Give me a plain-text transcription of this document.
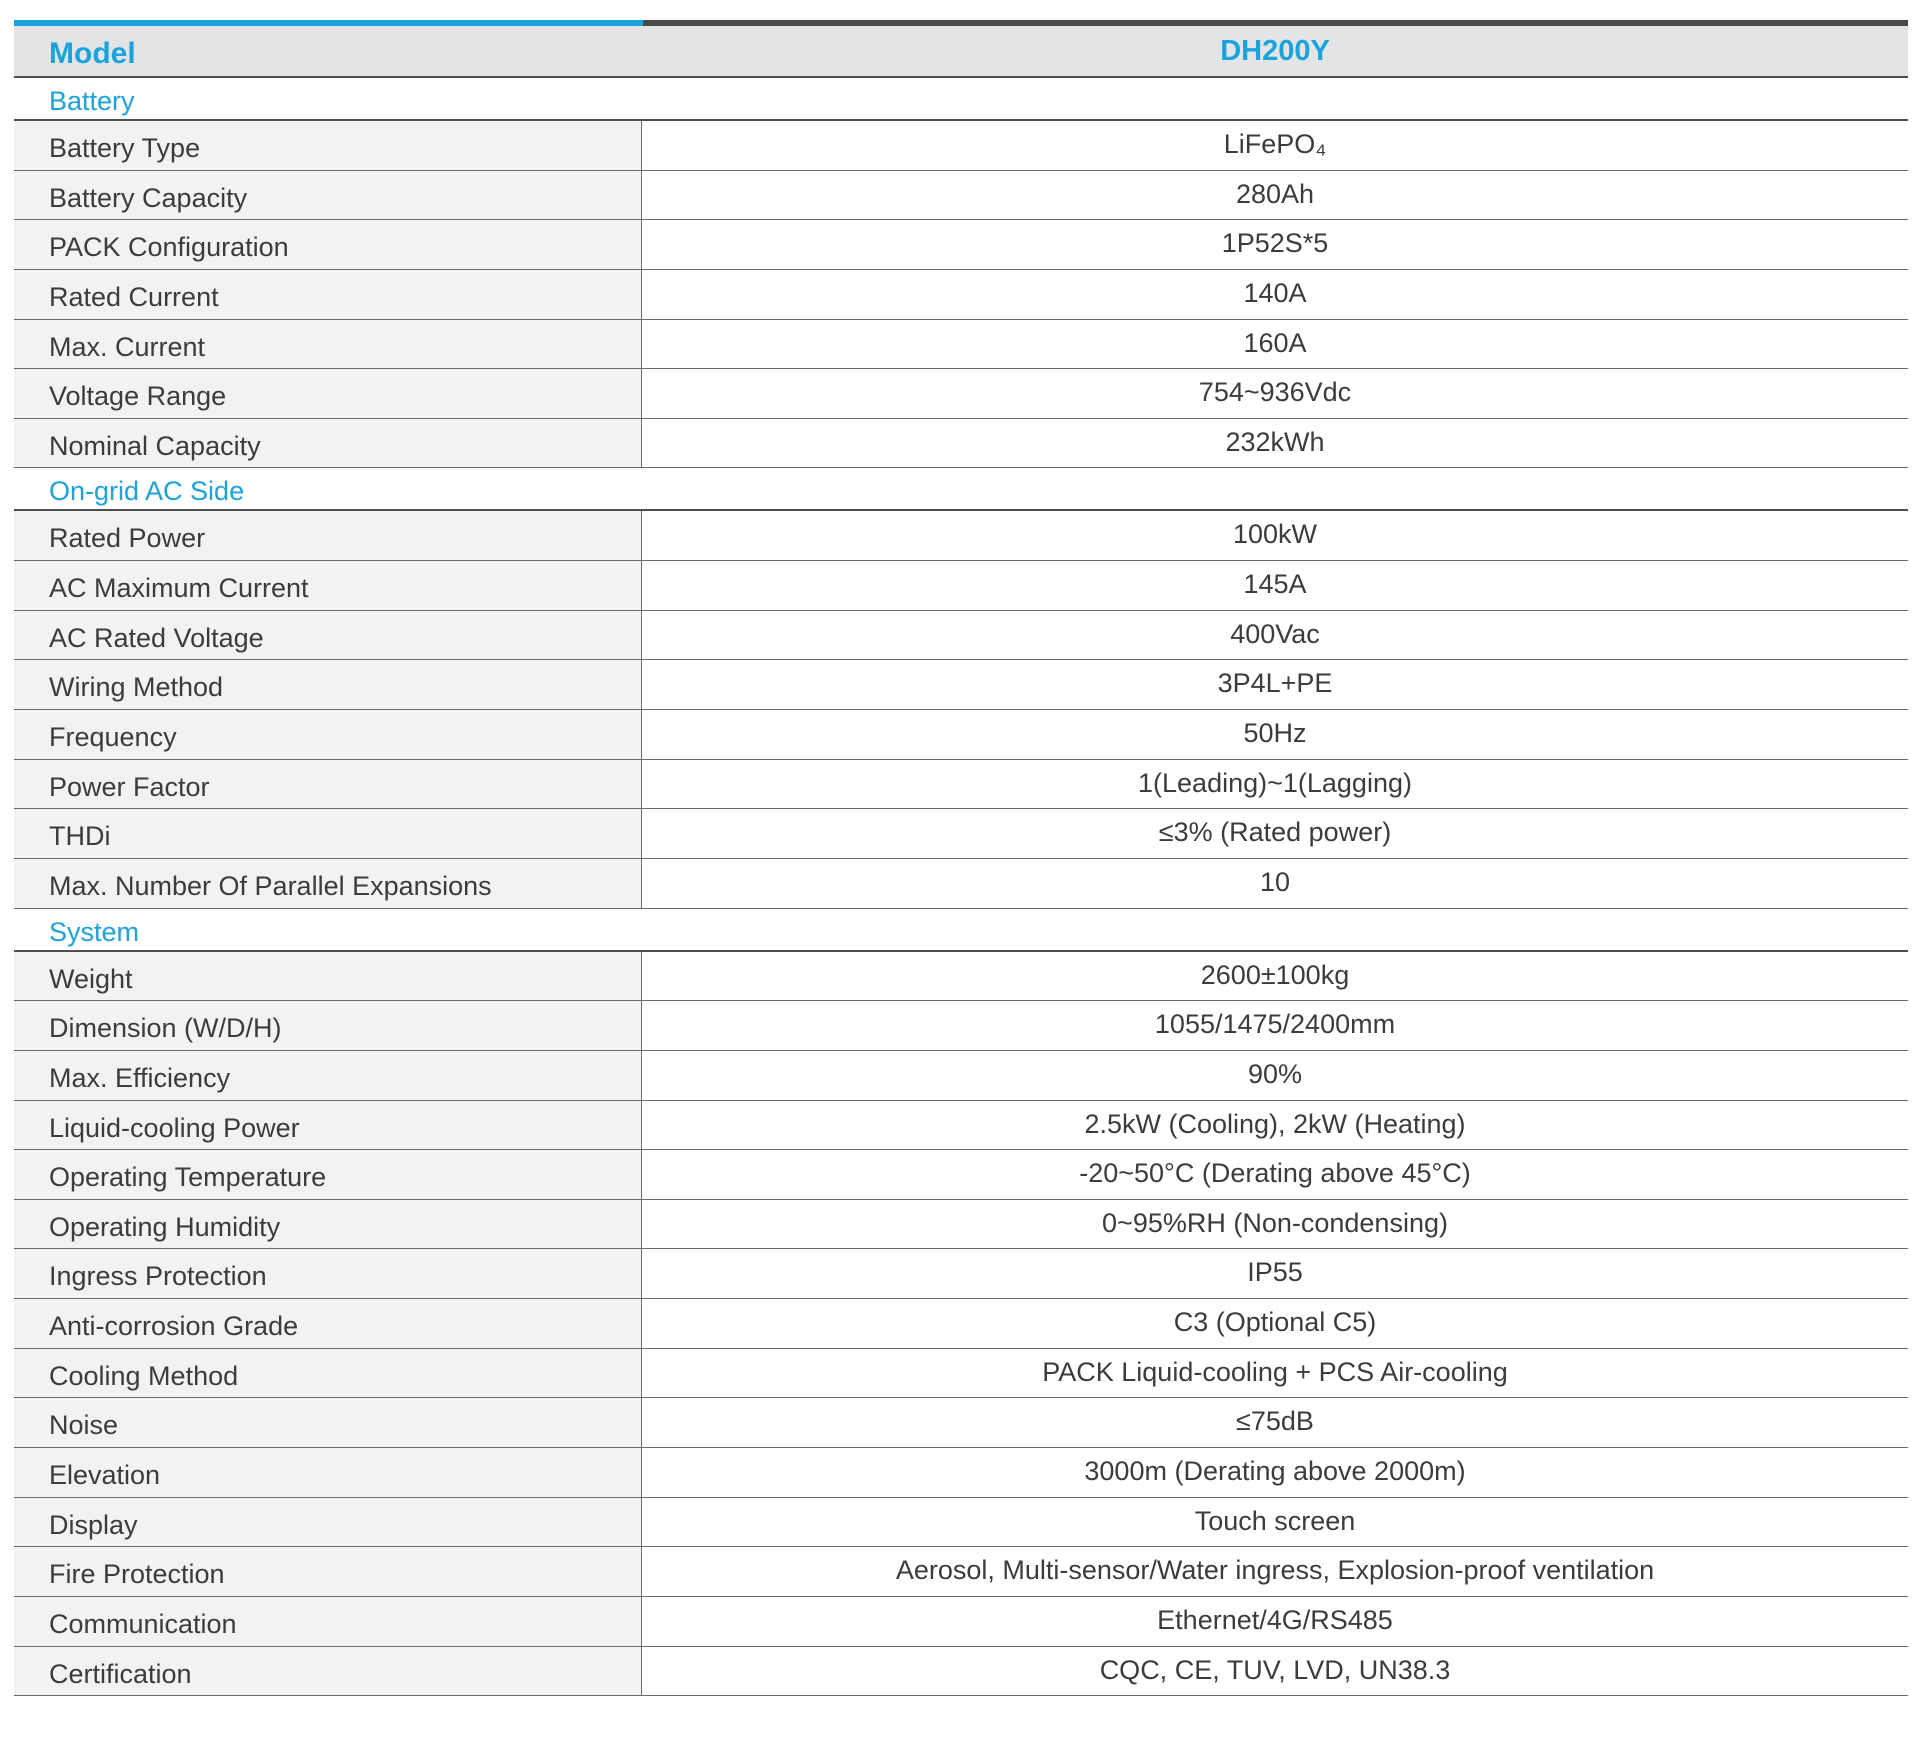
Model	DH200Y
Battery
Battery Type	LiFePO₄
Battery Capacity	280Ah
PACK Configuration	1P52S*5
Rated Current	140A
Max. Current	160A
Voltage Range	754~936Vdc
Nominal Capacity	232kWh
On-grid AC Side
Rated Power	100kW
AC Maximum Current	145A
AC Rated Voltage	400Vac
Wiring Method	3P4L+PE
Frequency	50Hz
Power Factor	1(Leading)~1(Lagging)
THDi	≤3% (Rated power)
Max. Number Of Parallel Expansions	10
System
Weight	2600±100kg
Dimension (W/D/H)	1055/1475/2400mm
Max. Efficiency	90%
Liquid-cooling Power	2.5kW (Cooling), 2kW (Heating)
Operating Temperature	-20~50°C (Derating above 45°C)
Operating Humidity	0~95%RH (Non-condensing)
Ingress Protection	IP55
Anti-corrosion Grade	C3 (Optional C5)
Cooling Method	PACK Liquid-cooling + PCS Air-cooling
Noise	≤75dB
Elevation	3000m (Derating above 2000m)
Display	Touch screen
Fire Protection	Aerosol, Multi-sensor/Water ingress, Explosion-proof ventilation
Communication	Ethernet/4G/RS485
Certification	CQC, CE, TUV, LVD, UN38.3
